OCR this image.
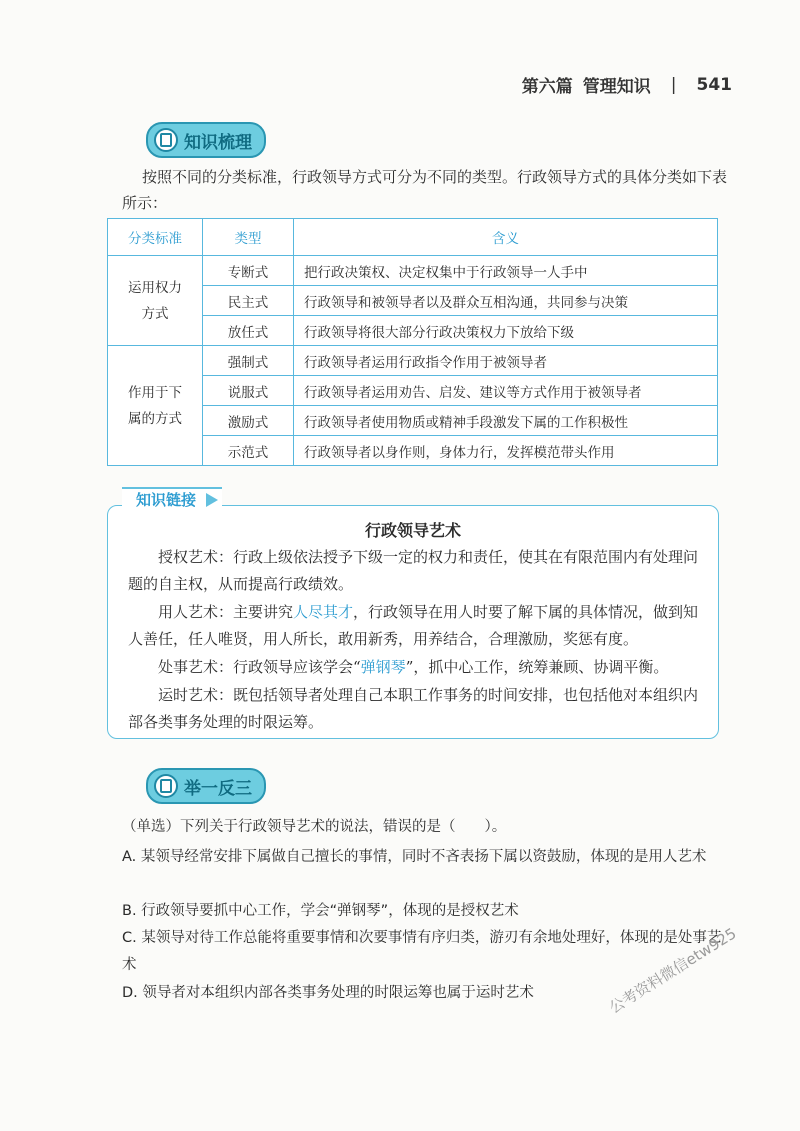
第六篇 管理知识 | 541
知识梳理
按照不同的分类标准，行政领导方式可分为不同的类型。行政领导方式的具体分类如下表所示：
分类标准	类型	含义

运用权力方式	专断式	把行政决策权、决定权集中于行政领导一人手中
	民主式	行政领导和被领导者以及群众互相沟通，共同参与决策
	放任式	行政领导将很大部分行政决策权力下放给下级

作用于下属的方式	强制式	行政领导者运用行政指令作用于被领导者
	说服式	行政领导者运用劝告、启发、建议等方式作用于被领导者
	激励式	行政领导者使用物质或精神手段激发下属的工作积极性
	示范式	行政领导者以身作则，身体力行，发挥模范带头作用
行政领导艺术
授权艺术：行政上级依法授予下级一定的权力和责任，使其在有限范围内有处理问题的自主权，从而提高行政绩效。
用人艺术：主要讲究人尽其才，行政领导在用人时要了解下属的具体情况，做到知人善任，任人唯贤，用人所长，敢用新秀，用养结合，合理激励，奖惩有度。
处事艺术：行政领导应该学会“弹钢琴”，抓中心工作，统筹兼顾、协调平衡。
运时艺术：既包括领导者处理自己本职工作事务的时间安排，也包括他对本组织内部各类事务处理的时限运筹。
知识链接
举一反三
（单选）下列关于行政领导艺术的说法，错误的是（　　）。
A. 某领导经常安排下属做自己擅长的事情，同时不吝表扬下属以资鼓励，体现的是用人艺术
B. 行政领导要抓中心工作，学会“弹钢琴”，体现的是授权艺术
C. 某领导对待工作总能将重要事情和次要事情有序归类，游刃有余地处理好，体现的是处事艺术
D. 领导者对本组织内部各类事务处理的时限运筹也属于运时艺术	公考资料微信etw925
